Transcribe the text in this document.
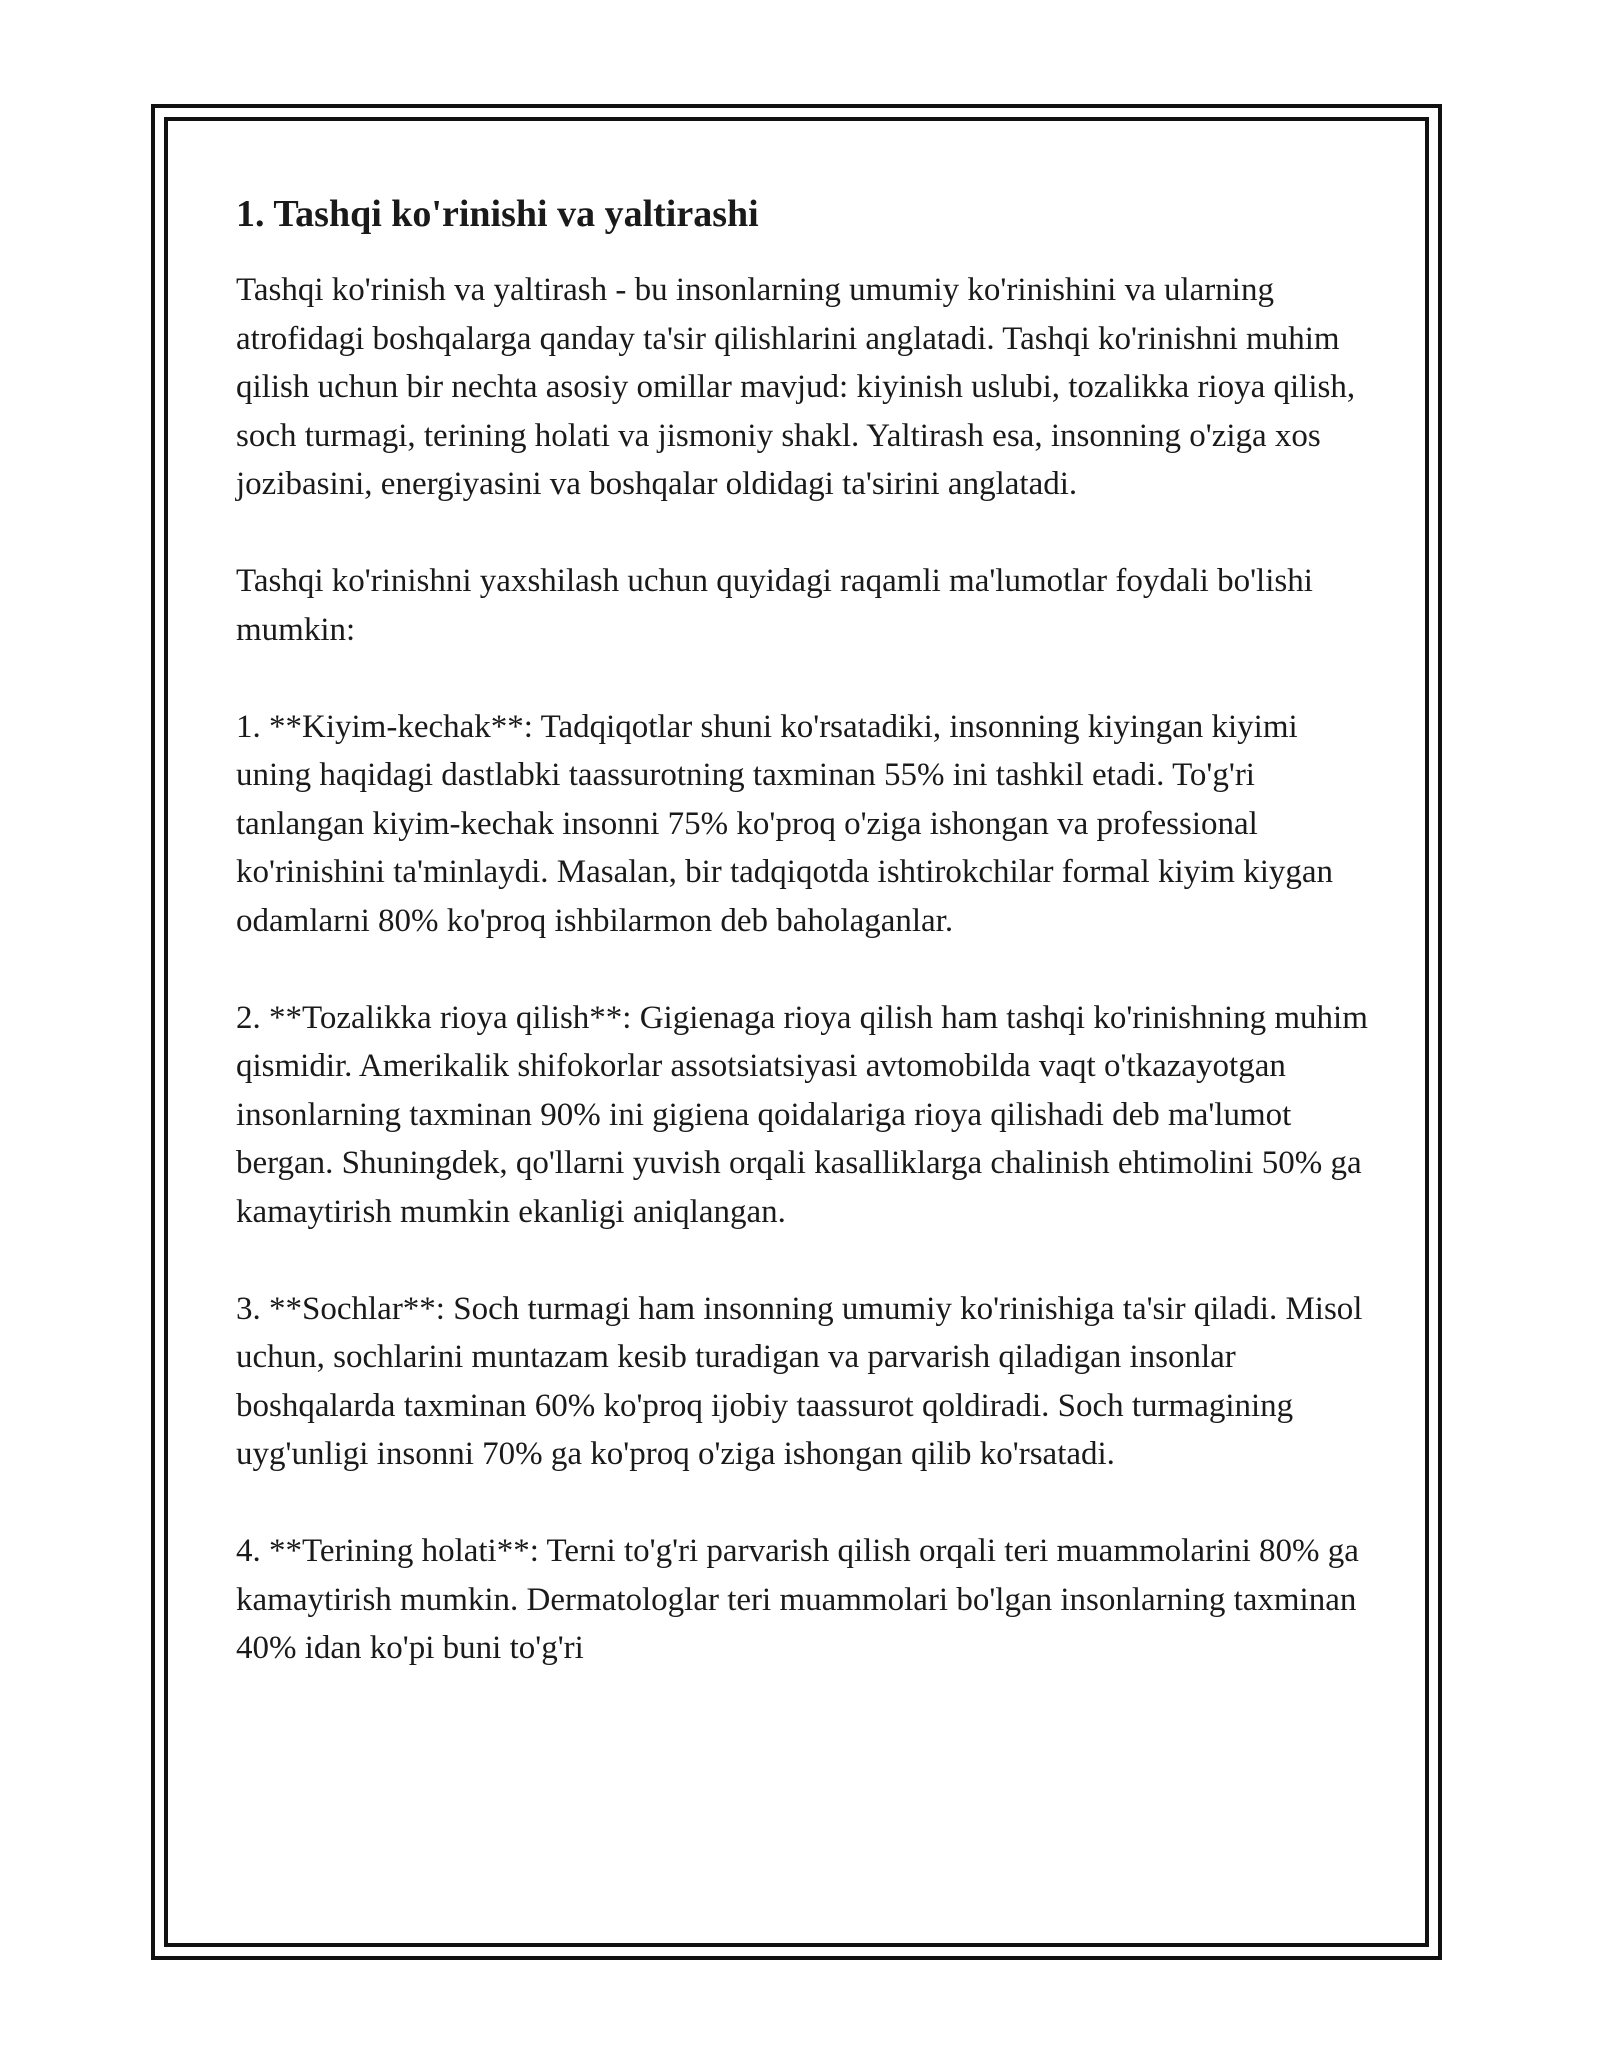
1. Tashqi ko'rinishi va yaltirashi

Tashqi ko'rinish va yaltirash - bu insonlarning umumiy ko'rinishini va ularning atrofidagi boshqalarga qanday ta'sir qilishlarini anglatadi. Tashqi ko'rinishni muhim qilish uchun bir nechta asosiy omillar mavjud: kiyinish uslubi, tozalikka rioya qilish, soch turmagi, terining holati va jismoniy shakl. Yaltirash esa, insonning o'ziga xos jozibasini, energiyasini va boshqalar oldidagi ta'sirini anglatadi.

Tashqi ko'rinishni yaxshilash uchun quyidagi raqamli ma'lumotlar foydali bo'lishi mumkin:

1. **Kiyim-kechak**: Tadqiqotlar shuni ko'rsatadiki, insonning kiyingan kiyimi uning haqidagi dastlabki taassurotning taxminan 55% ini tashkil etadi. To'g'ri tanlangan kiyim-kechak insonni 75% ko'proq o'ziga ishongan va professional ko'rinishini ta'minlaydi. Masalan, bir tadqiqotda ishtirokchilar formal kiyim kiygan odamlarni 80% ko'proq ishbilarmon deb baholaganlar.

2. **Tozalikka rioya qilish**: Gigienaga rioya qilish ham tashqi ko'rinishning muhim qismidir. Amerikalik shifokorlar assotsiatsiyasi avtomobilda vaqt o'tkazayotgan insonlarning taxminan 90% ini gigiena qoidalariga rioya qilishadi deb ma'lumot bergan. Shuningdek, qo'llarni yuvish orqali kasalliklarga chalinish ehtimolini 50% ga kamaytirish mumkin ekanligi aniqlangan.

3. **Sochlar**: Soch turmagi ham insonning umumiy ko'rinishiga ta'sir qiladi. Misol uchun, sochlarini muntazam kesib turadigan va parvarish qiladigan insonlar boshqalarda taxminan 60% ko'proq ijobiy taassurot qoldiradi. Soch turmagining uyg'unligi insonni 70% ga ko'proq o'ziga ishongan qilib ko'rsatadi.

4. **Terining holati**: Terni to'g'ri parvarish qilish orqali teri muammolarini 80% ga kamaytirish mumkin. Dermatologlar teri muammolari bo'lgan insonlarning taxminan 40% idan ko'pi buni to'g'ri
